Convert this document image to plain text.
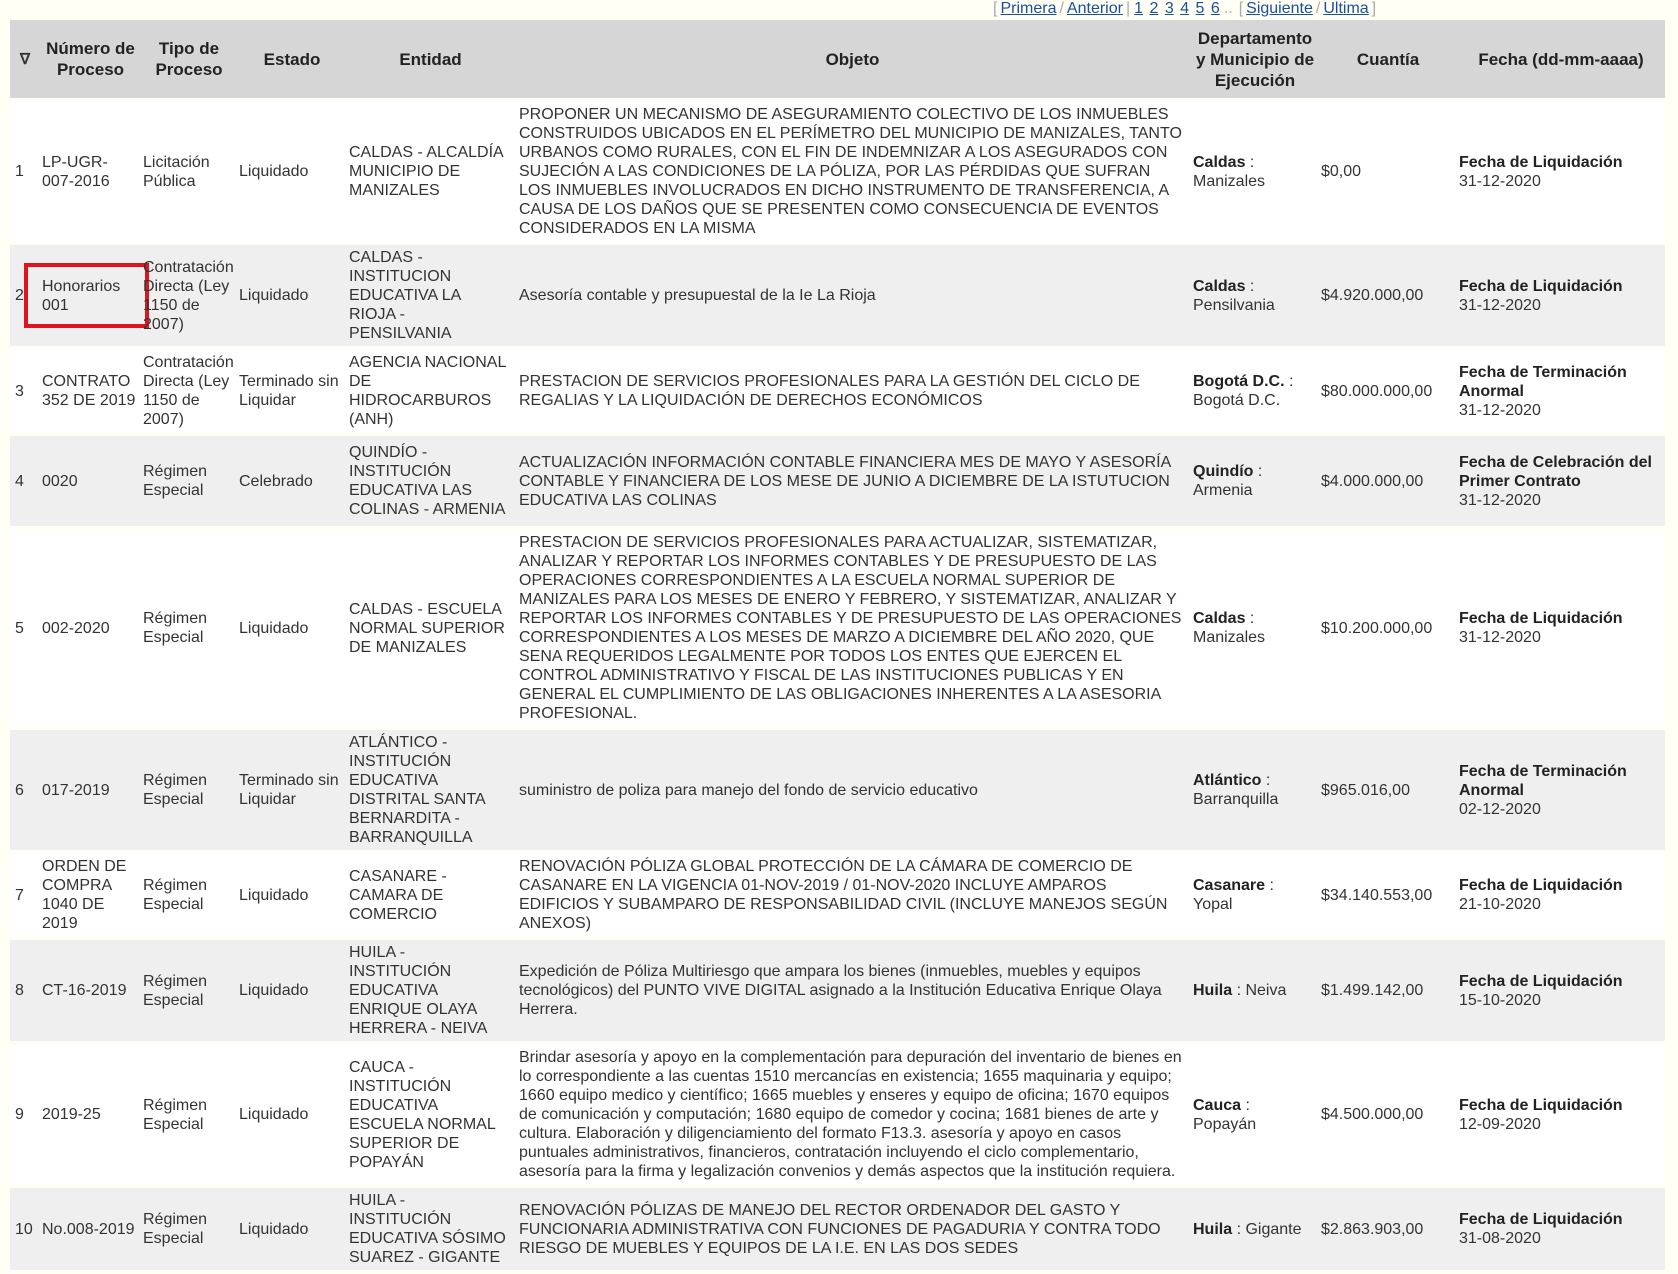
[ Primera / Anterior | 1 2 3 4 5 6 .. [ Siguiente / Ultima ]
∇	Número de Proceso	Tipo de Proceso	Estado	Entidad	Objeto	Departamento y Municipio de Ejecución	Cuantía	Fecha (dd-mm-aaaa)
1	LP-UGR-007-2016	Licitación Pública	Liquidado	CALDAS - ALCALDÍA MUNICIPIO DE MANIZALES	PROPONER UN MECANISMO DE ASEGURAMIENTO COLECTIVO DE LOS INMUEBLES CONSTRUIDOS UBICADOS EN EL PERÍMETRO DEL MUNICIPIO DE MANIZALES, TANTO URBANOS COMO RURALES, CON EL FIN DE INDEMNIZAR A LOS ASEGURADOS CON SUJECIÓN A LAS CONDICIONES DE LA PÓLIZA, POR LAS PÉRDIDAS QUE SUFRAN LOS INMUEBLES INVOLUCRADOS EN DICHO INSTRUMENTO DE TRANSFERENCIA, A CAUSA DE LOS DAÑOS QUE SE PRESENTEN COMO CONSECUENCIA DE EVENTOS CONSIDERADOS EN LA MISMA	Caldas : Manizales	$0,00	Fecha de Liquidación
31-12-2020
2	Honorarios 001	Contratación Directa (Ley 1150 de 2007)	Liquidado	CALDAS - INSTITUCION EDUCATIVA LA RIOJA - PENSILVANIA	Asesoría contable y presupuestal de la Ie La Rioja	Caldas : Pensilvania	$4.920.000,00	Fecha de Liquidación
31-12-2020
3	CONTRATO 352 DE 2019	Contratación Directa (Ley 1150 de 2007)	Terminado sin Liquidar	AGENCIA NACIONAL DE HIDROCARBUROS (ANH)	PRESTACION DE SERVICIOS PROFESIONALES PARA LA GESTIÓN DEL CICLO DE REGALIAS Y LA LIQUIDACIÓN DE DERECHOS ECONÓMICOS	Bogotá D.C. : Bogotá D.C.	$80.000.000,00	Fecha de Terminación Anormal
31-12-2020
4	0020	Régimen Especial	Celebrado	QUINDÍO - INSTITUCIÓN EDUCATIVA LAS COLINAS - ARMENIA	ACTUALIZACIÓN INFORMACIÓN CONTABLE FINANCIERA MES DE MAYO Y ASESORÍA CONTABLE Y FINANCIERA DE LOS MESE DE JUNIO A DICIEMBRE DE LA ISTUTUCION EDUCATIVA LAS COLINAS	Quindío : Armenia	$4.000.000,00	Fecha de Celebración del Primer Contrato
31-12-2020
5	002-2020	Régimen Especial	Liquidado	CALDAS - ESCUELA NORMAL SUPERIOR DE MANIZALES	PRESTACION DE SERVICIOS PROFESIONALES PARA ACTUALIZAR, SISTEMATIZAR, ANALIZAR Y REPORTAR LOS INFORMES CONTABLES Y DE PRESUPUESTO DE LAS OPERACIONES CORRESPONDIENTES A LA ESCUELA NORMAL SUPERIOR DE MANIZALES PARA LOS MESES DE ENERO Y FEBRERO, Y SISTEMATIZAR, ANALIZAR Y REPORTAR LOS INFORMES CONTABLES Y DE PRESUPUESTO DE LAS OPERACIONES CORRESPONDIENTES A LOS MESES DE MARZO A DICIEMBRE DEL AÑO 2020, QUE SENA REQUERIDOS LEGALMENTE POR TODOS LOS ENTES QUE EJERCEN EL CONTROL ADMINISTRATIVO Y FISCAL DE LAS INSTITUCIONES PUBLICAS Y EN GENERAL EL CUMPLIMIENTO DE LAS OBLIGACIONES INHERENTES A LA ASESORIA PROFESIONAL.	Caldas : Manizales	$10.200.000,00	Fecha de Liquidación
31-12-2020
6	017-2019	Régimen Especial	Terminado sin Liquidar	ATLÁNTICO - INSTITUCIÓN EDUCATIVA DISTRITAL SANTA BERNARDITA - BARRANQUILLA	suministro de poliza para manejo del fondo de servicio educativo	Atlántico : Barranquilla	$965.016,00	Fecha de Terminación Anormal
02-12-2020
7	ORDEN DE COMPRA 1040 DE 2019	Régimen Especial	Liquidado	CASANARE - CAMARA DE COMERCIO	RENOVACIÓN PÓLIZA GLOBAL PROTECCIÓN DE LA CÁMARA DE COMERCIO DE CASANARE EN LA VIGENCIA 01-NOV-2019 / 01-NOV-2020 INCLUYE AMPAROS EDIFICIOS Y SUBAMPARO DE RESPONSABILIDAD CIVIL (INCLUYE MANEJOS SEGÚN ANEXOS)	Casanare : Yopal	$34.140.553,00	Fecha de Liquidación
21-10-2020
8	CT-16-2019	Régimen Especial	Liquidado	HUILA - INSTITUCIÓN EDUCATIVA ENRIQUE OLAYA HERRERA - NEIVA	Expedición de Póliza Multiriesgo que ampara los bienes (inmuebles, muebles y equipos tecnológicos) del PUNTO VIVE DIGITAL asignado a la Institución Educativa Enrique Olaya Herrera.	Huila : Neiva	$1.499.142,00	Fecha de Liquidación
15-10-2020
9	2019-25	Régimen Especial	Liquidado	CAUCA - INSTITUCIÓN EDUCATIVA ESCUELA NORMAL SUPERIOR DE POPAYÁN	Brindar asesoría y apoyo en la complementación para depuración del inventario de bienes en lo correspondiente a las cuentas 1510 mercancías en existencia; 1655 maquinaria y equipo; 1660 equipo medico y científico; 1665 muebles y enseres y equipo de oficina; 1670 equipos de comunicación y computación; 1680 equipo de comedor y cocina; 1681 bienes de arte y cultura. Elaboración y diligenciamiento del formato F13.3. asesoría y apoyo en casos puntuales administrativos, financieros, contratación incluyendo el ciclo complementario, asesoría para la firma y legalización convenios y demás aspectos que la institución requiera.	Cauca : Popayán	$4.500.000,00	Fecha de Liquidación
12-09-2020
10	No.008-2019	Régimen Especial	Liquidado	HUILA - INSTITUCIÓN EDUCATIVA SÓSIMO SUAREZ - GIGANTE	RENOVACIÓN PÓLIZAS DE MANEJO DEL RECTOR ORDENADOR DEL GASTO Y FUNCIONARIA ADMINISTRATIVA CON FUNCIONES DE PAGADURIA Y CONTRA TODO RIESGO DE MUEBLES Y EQUIPOS DE LA I.E. EN LAS DOS SEDES	Huila : Gigante	$2.863.903,00	Fecha de Liquidación
31-08-2020
